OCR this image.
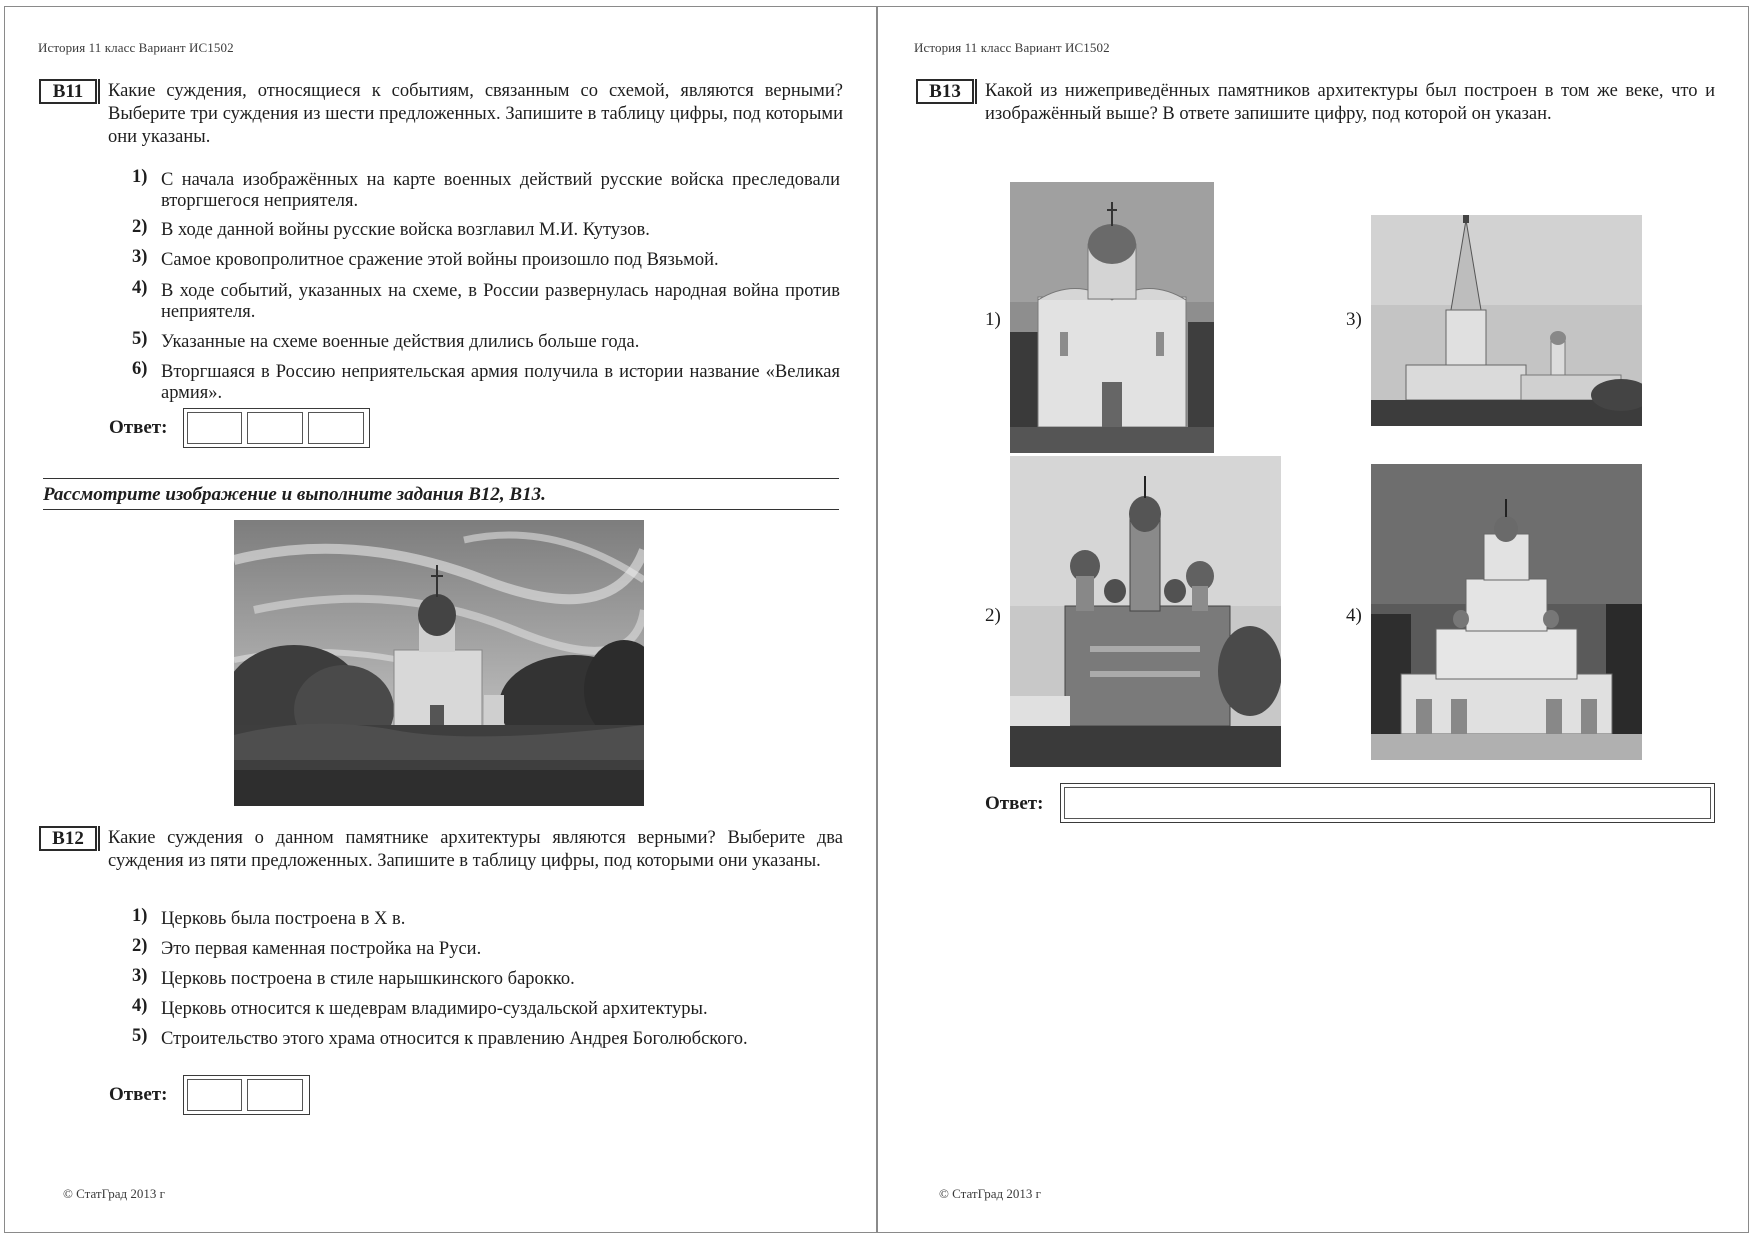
История 11 класс Вариант ИС1502
B11	Какие суждения, относящиеся к событиям, связанным со схемой, являются верными? Выберите три суждения из шести предложенных. Запишите в таблицу цифры, под которыми они указаны.
1) С начала изображённых на карте военных действий русские войска преследовали вторгшегося неприятеля.
2) В ходе данной войны русские войска возглавил М.И. Кутузов.
3) Самое кровопролитное сражение этой войны произошло под Вязьмой.
4) В ходе событий, указанных на схеме, в России развернулась народная война против неприятеля.
5) Указанные на схеме военные действия длились больше года.
6) Вторгшаяся в Россию неприятельская армия получила в истории название «Великая армия».
Ответ:
Рассмотрите изображение и выполните задания B12, B13.
B12	Какие суждения о данном памятнике архитектуры являются верными? Выберите два суждения из пяти предложенных. Запишите в таблицу цифры, под которыми они указаны.
1) Церковь была построена в X в.
2) Это первая каменная постройка на Руси.
3) Церковь построена в стиле нарышкинского барокко.
4) Церковь относится к шедеврам владимиро-суздальской архитектуры.
5) Строительство этого храма относится к правлению Андрея Боголюбского.
Ответ:
© СтатГрад 2013 г
История 11 класс Вариант ИС1502
B13	Какой из нижеприведённых памятников архитектуры был построен в том же веке, что и изображённый выше? В ответе запишите цифру, под которой он указан.
1)	3)
2)	4)
Ответ:
© СтатГрад 2013 г
